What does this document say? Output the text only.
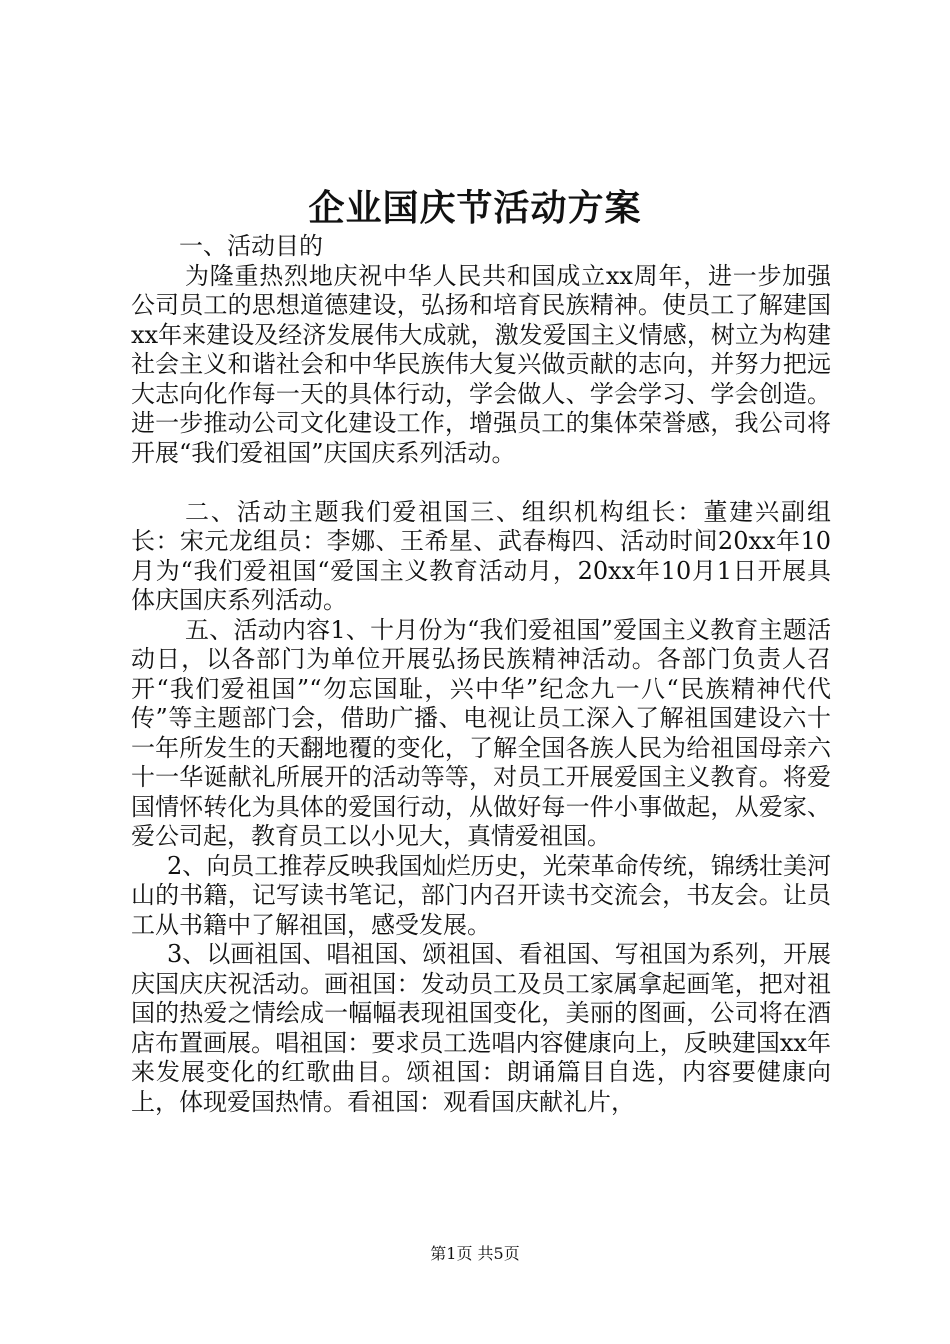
企业国庆节活动方案

一、活动目的

为隆重热烈地庆祝中华人民共和国成立xx周年，进一步加强公司员工的思想道德建设，弘扬和培育民族精神。使员工了解建国xx年来建设及经济发展伟大成就，激发爱国主义情感，树立为构建社会主义和谐社会和中华民族伟大复兴做贡献的志向，并努力把远大志向化作每一天的具体行动，学会做人、学会学习、学会创造。进一步推动公司文化建设工作，增强员工的集体荣誉感，我公司将开展“我们爱祖国”庆国庆系列活动。

二、活动主题我们爱祖国三、组织机构组长：董建兴副组长：宋元龙组员：李娜、王希星、武春梅四、活动时间20xx年10月为“我们爱祖国“爱国主义教育活动月，20xx年10月1日开展具体庆国庆系列活动。

五、活动内容1、十月份为“我们爱祖国”爱国主义教育主题活动日，以各部门为单位开展弘扬民族精神活动。各部门负责人召开“我们爱祖国”“勿忘国耻，兴中华”纪念九一八“民族精神代代传”等主题部门会，借助广播、电视让员工深入了解祖国建设六十一年所发生的天翻地覆的变化，了解全国各族人民为给祖国母亲六十一华诞献礼所展开的活动等等，对员工开展爱国主义教育。将爱国情怀转化为具体的爱国行动，从做好每一件小事做起，从爱家、爱公司起，教育员工以小见大，真情爱祖国。

2、向员工推荐反映我国灿烂历史，光荣革命传统，锦绣壮美河山的书籍，记写读书笔记，部门内召开读书交流会，书友会。让员工从书籍中了解祖国，感受发展。

3、以画祖国、唱祖国、颂祖国、看祖国、写祖国为系列，开展庆国庆庆祝活动。画祖国：发动员工及员工家属拿起画笔，把对祖国的热爱之情绘成一幅幅表现祖国变化，美丽的图画，公司将在酒店布置画展。唱祖国：要求员工选唱内容健康向上，反映建国xx年来发展变化的红歌曲目。颂祖国：朗诵篇目自选，内容要健康向上，体现爱国热情。看祖国：观看国庆献礼片，

第1页 共5页
